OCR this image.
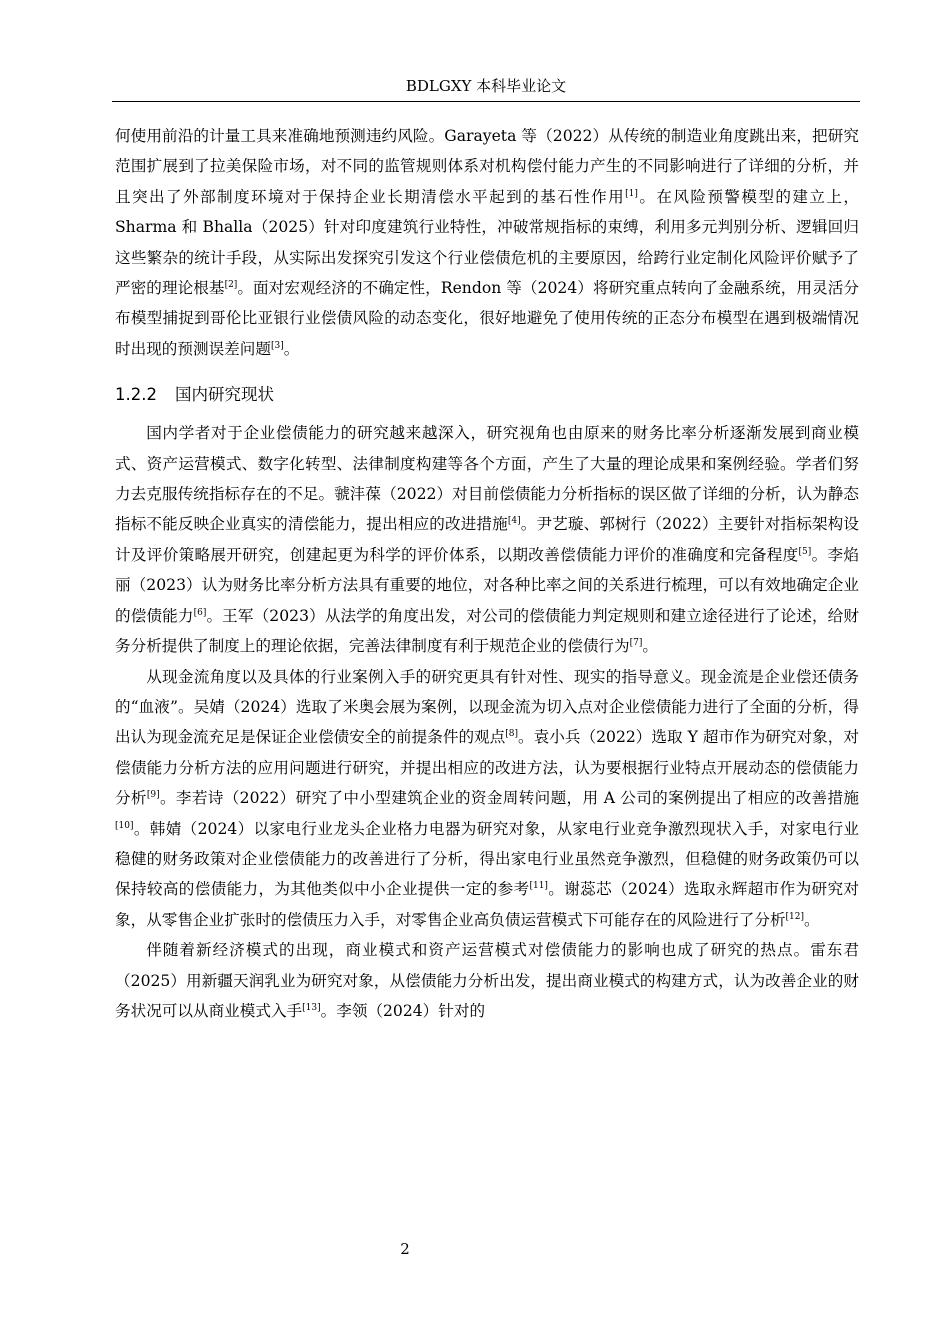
BDLGXY 本科毕业论文

何使用前沿的计量工具来准确地预测违约风险。Garayeta 等（2022）从传统的制造业角度跳出来，把研究范围扩展到了拉美保险市场，对不同的监管规则体系对机构偿付能力产生的不同影响进行了详细的分析，并且突出了外部制度环境对于保持企业长期清偿水平起到的基石性作用[1]。在风险预警模型的建立上，Sharma 和 Bhalla（2025）针对印度建筑行业特性，冲破常规指标的束缚，利用多元判别分析、逻辑回归这些繁杂的统计手段，从实际出发探究引发这个行业偿债危机的主要原因，给跨行业定制化风险评价赋予了严密的理论根基[2]。面对宏观经济的不确定性，Rendon 等（2024）将研究重点转向了金融系统，用灵活分布模型捕捉到哥伦比亚银行业偿债风险的动态变化，很好地避免了使用传统的正态分布模型在遇到极端情况时出现的预测误差问题[3]。

1.2.2 国内研究现状

国内学者对于企业偿债能力的研究越来越深入，研究视角也由原来的财务比率分析逐渐发展到商业模式、资产运营模式、数字化转型、法律制度构建等各个方面，产生了大量的理论成果和案例经验。学者们努力去克服传统指标存在的不足。虢沣葆（2022）对目前偿债能力分析指标的误区做了详细的分析，认为静态指标不能反映企业真实的清偿能力，提出相应的改进措施[4]。尹艺璇、郭树行（2022）主要针对指标架构设计及评价策略展开研究，创建起更为科学的评价体系，以期改善偿债能力评价的准确度和完备程度[5]。李焰丽（2023）认为财务比率分析方法具有重要的地位，对各种比率之间的关系进行梳理，可以有效地确定企业的偿债能力[6]。王军（2023）从法学的角度出发，对公司的偿债能力判定规则和建立途径进行了论述，给财务分析提供了制度上的理论依据，完善法律制度有利于规范企业的偿债行为[7]。

从现金流角度以及具体的行业案例入手的研究更具有针对性、现实的指导意义。现金流是企业偿还债务的“血液”。吴婧（2024）选取了米奥会展为案例，以现金流为切入点对企业偿债能力进行了全面的分析，得出认为现金流充足是保证企业偿债安全的前提条件的观点[8]。袁小兵（2022）选取 Y 超市作为研究对象，对偿债能力分析方法的应用问题进行研究，并提出相应的改进方法，认为要根据行业特点开展动态的偿债能力分析[9]。李若诗（2022）研究了中小型建筑企业的资金周转问题，用 A 公司的案例提出了相应的改善措施[10]。韩婧（2024）以家电行业龙头企业格力电器为研究对象，从家电行业竞争激烈现状入手，对家电行业稳健的财务政策对企业偿债能力的改善进行了分析，得出家电行业虽然竞争激烈，但稳健的财务政策仍可以保持较高的偿债能力，为其他类似中小企业提供一定的参考[11]。谢蕊芯（2024）选取永辉超市作为研究对象，从零售企业扩张时的偿债压力入手，对零售企业高负债运营模式下可能存在的风险进行了分析[12]。

伴随着新经济模式的出现，商业模式和资产运营模式对偿债能力的影响也成了研究的热点。雷东君（2025）用新疆天润乳业为研究对象，从偿债能力分析出发，提出商业模式的构建方式，认为改善企业的财务状况可以从商业模式入手[13]。李领（2024）针对的

2
